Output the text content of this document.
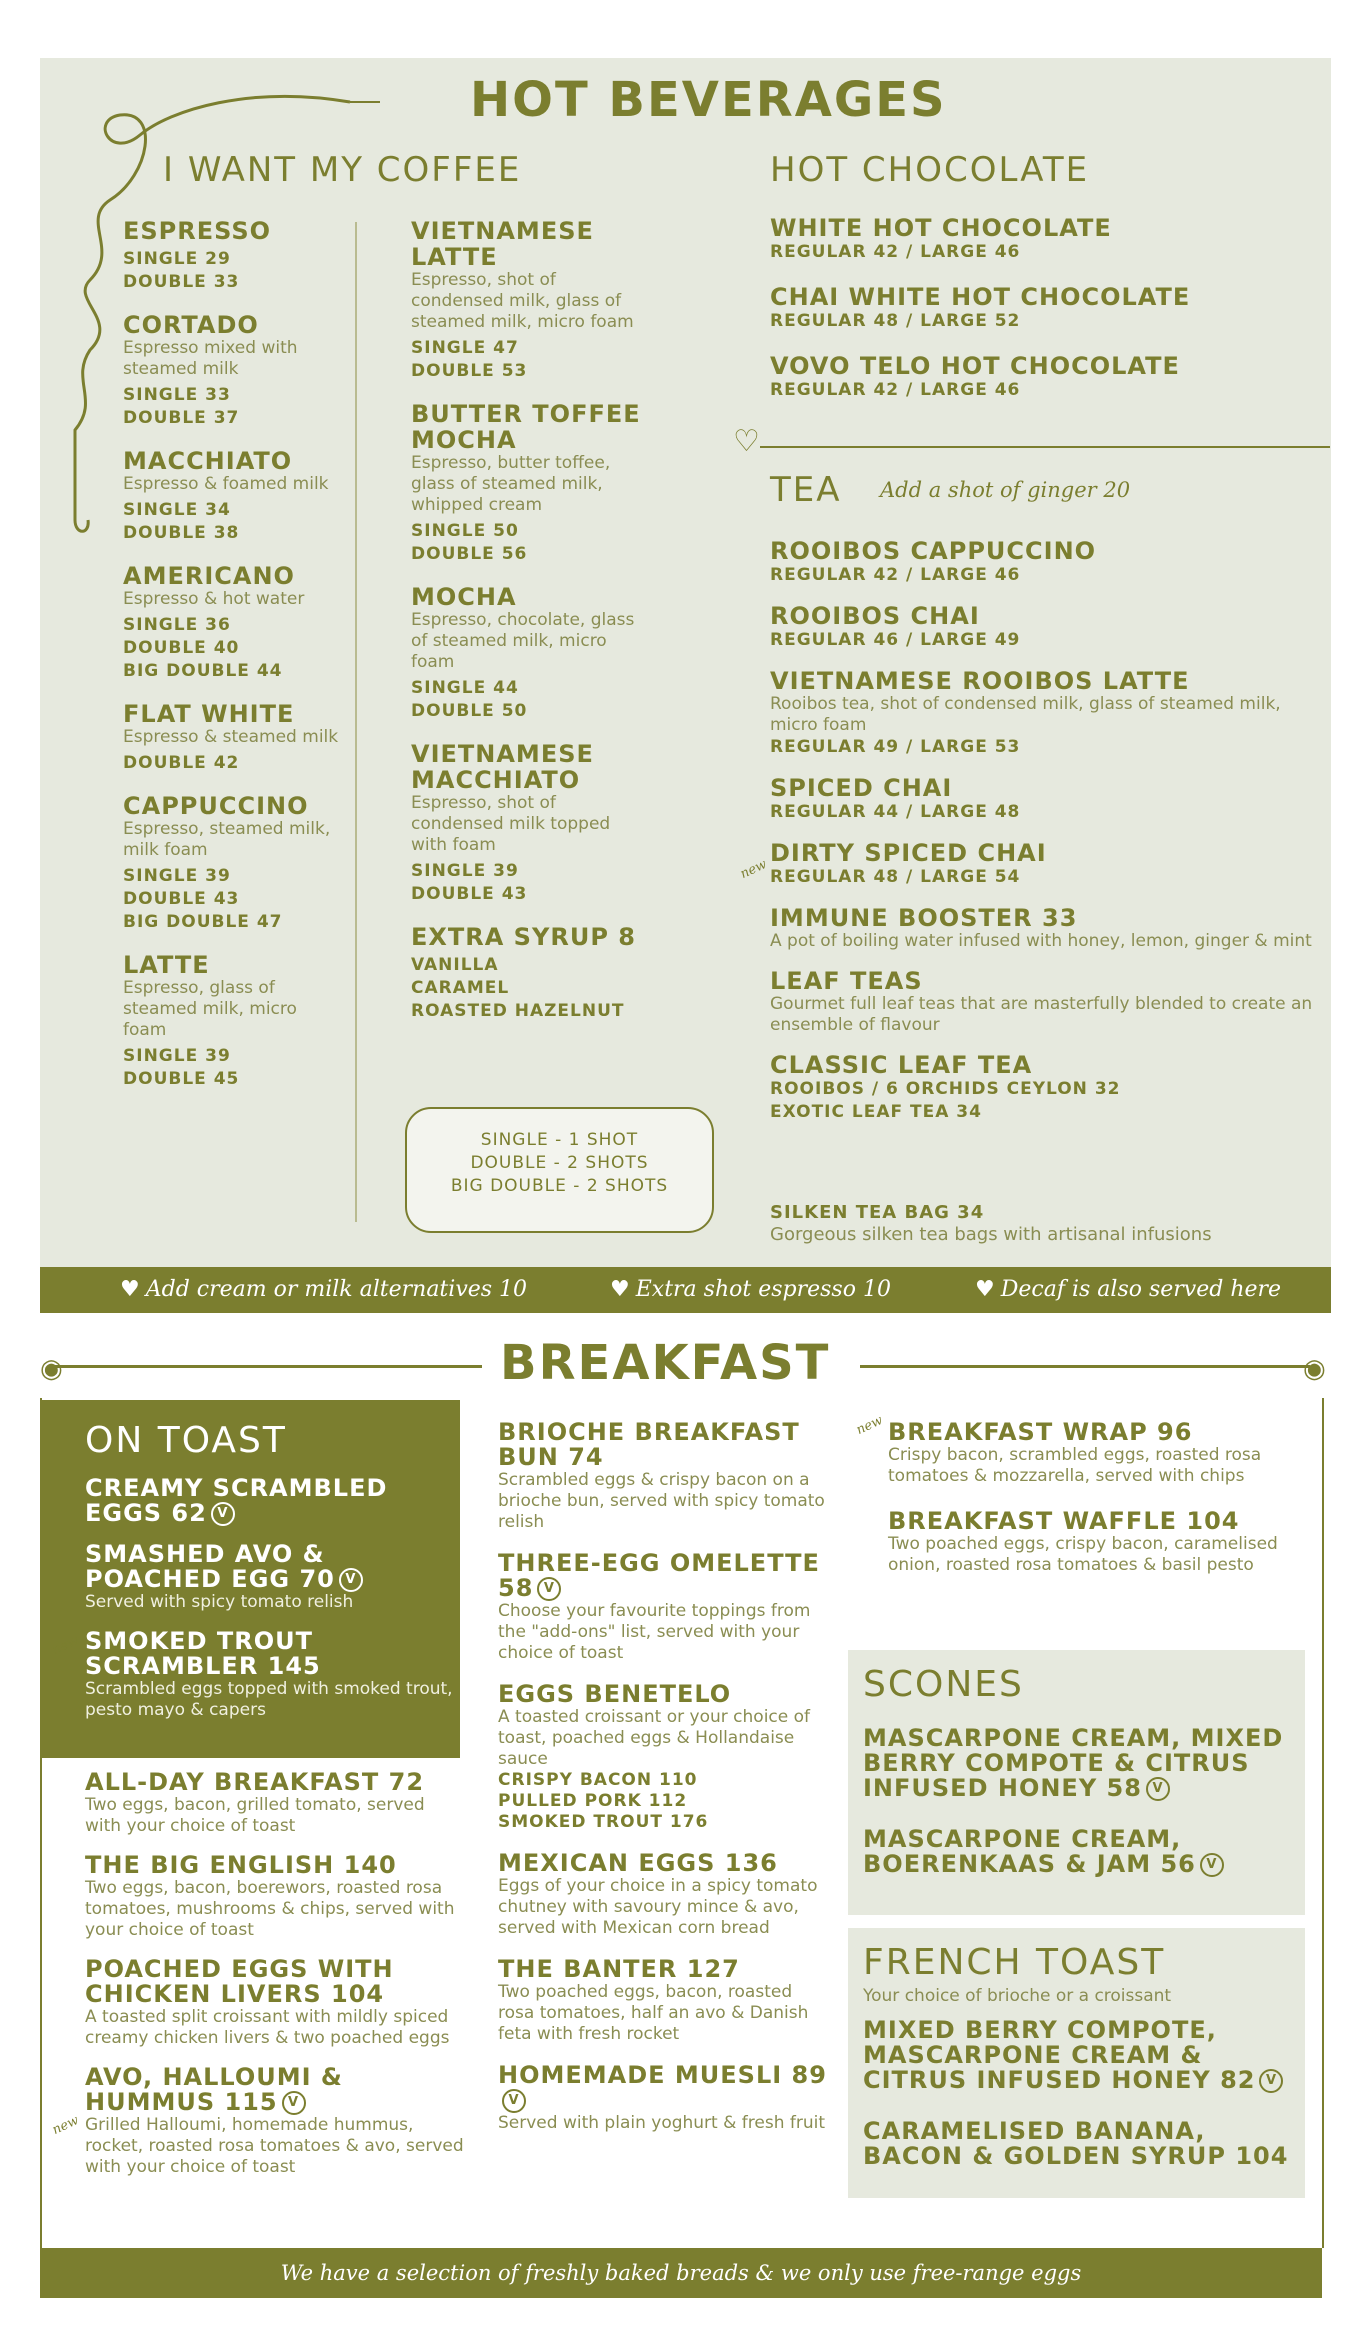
HOT BEVERAGES
I WANT MY COFFEE
ESPRESSO
SINGLE 29
DOUBLE 33
CORTADO
Espresso mixed with steamed milk
SINGLE 33
DOUBLE 37
MACCHIATO
Espresso & foamed milk
SINGLE 34
DOUBLE 38
AMERICANO
Espresso & hot water
SINGLE 36
DOUBLE 40
BIG DOUBLE 44
FLAT WHITE
Espresso & steamed milk
DOUBLE 42
CAPPUCCINO
Espresso, steamed milk, milk foam
SINGLE 39
DOUBLE 43
BIG DOUBLE 47
LATTE
Espresso, glass of steamed milk, micro foam
SINGLE 39
DOUBLE 45
VIETNAMESE LATTE
Espresso, shot of condensed milk, glass of steamed milk, micro foam
SINGLE 47
DOUBLE 53
BUTTER TOFFEE MOCHA
Espresso, butter toffee, glass of steamed milk, whipped cream
SINGLE 50
DOUBLE 56
MOCHA
Espresso, chocolate, glass of steamed milk, micro foam
SINGLE 44
DOUBLE 50
VIETNAMESE MACCHIATO
Espresso, shot of condensed milk topped with foam
SINGLE 39
DOUBLE 43
EXTRA SYRUP 8
VANILLA
CARAMEL
ROASTED HAZELNUT
SINGLE - 1 SHOT
DOUBLE - 2 SHOTS
BIG DOUBLE - 2 SHOTS
HOT CHOCOLATE
WHITE HOT CHOCOLATE
REGULAR 42 / LARGE 46
CHAI WHITE HOT CHOCOLATE
REGULAR 48 / LARGE 52
VOVO TELO HOT CHOCOLATE
REGULAR 42 / LARGE 46
♡
TEA Add a shot of ginger 20
ROOIBOS CAPPUCCINO
REGULAR 42 / LARGE 46
ROOIBOS CHAI
REGULAR 46 / LARGE 49
VIETNAMESE ROOIBOS LATTE
Rooibos tea, shot of condensed milk, glass of steamed milk, micro foam
REGULAR 49 / LARGE 53
SPICED CHAI
REGULAR 44 / LARGE 48
DIRTY SPICED CHAI
REGULAR 48 / LARGE 54
IMMUNE BOOSTER 33
A pot of boiling water infused with honey, lemon, ginger & mint
LEAF TEAS
Gourmet full leaf teas that are masterfully blended to create an ensemble of flavour
CLASSIC LEAF TEA
ROOIBOS / 6 ORCHIDS CEYLON 32
EXOTIC LEAF TEA 34
new
SILKEN TEA BAG 34
Gorgeous silken tea bags with artisanal infusions
♥ Add cream or milk alternatives 10	♥ Extra shot espresso 10	♥ Decaf is also served here
◉	◉
BREAKFAST
ON TOAST
CREAMY SCRAMBLED EGGS 62 V
SMASHED AVO & POACHED EGG 70 V
Served with spicy tomato relish
SMOKED TROUT SCRAMBLER 145
Scrambled eggs topped with smoked trout, pesto mayo & capers
new
ALL-DAY BREAKFAST 72
Two eggs, bacon, grilled tomato, served with your choice of toast
THE BIG ENGLISH 140
Two eggs, bacon, boerewors, roasted rosa tomatoes, mushrooms & chips, served with your choice of toast
POACHED EGGS WITH CHICKEN LIVERS 104
A toasted split croissant with mildly spiced creamy chicken livers & two poached eggs
AVO, HALLOUMI & HUMMUS 115 V
Grilled Halloumi, homemade hummus, rocket, roasted rosa tomatoes & avo, served with your choice of toast
new
BRIOCHE BREAKFAST BUN 74
Scrambled eggs & crispy bacon on a brioche bun, served with spicy tomato relish
THREE-EGG OMELETTE 58 V
Choose your favourite toppings from the "add-ons" list, served with your choice of toast
EGGS BENETELO
A toasted croissant or your choice of toast, poached eggs & Hollandaise sauce
CRISPY BACON 110
PULLED PORK 112
SMOKED TROUT 176
MEXICAN EGGS 136
Eggs of your choice in a spicy tomato chutney with savoury mince & avo, served with Mexican corn bread
THE BANTER 127
Two poached eggs, bacon, roasted rosa tomatoes, half an avo & Danish feta with fresh rocket
HOMEMADE MUESLI 89V
Served with plain yoghurt & fresh fruit
BREAKFAST WRAP 96
Crispy bacon, scrambled eggs, roasted rosa tomatoes & mozzarella, served with chips
BREAKFAST WAFFLE 104
Two poached eggs, crispy bacon, caramelised onion, roasted rosa tomatoes & basil pesto
new
SCONES
MASCARPONE CREAM, MIXED BERRY COMPOTE & CITRUS INFUSED HONEY 58 V
MASCARPONE CREAM, BOERENKAAS & JAM 56 V
FRENCH TOAST
Your choice of brioche or a croissant
MIXED BERRY COMPOTE, MASCARPONE CREAM & CITRUS INFUSED HONEY 82 V
CARAMELISED BANANA, BACON & GOLDEN SYRUP 104
We have a selection of freshly baked breads & we only use free-range eggs
